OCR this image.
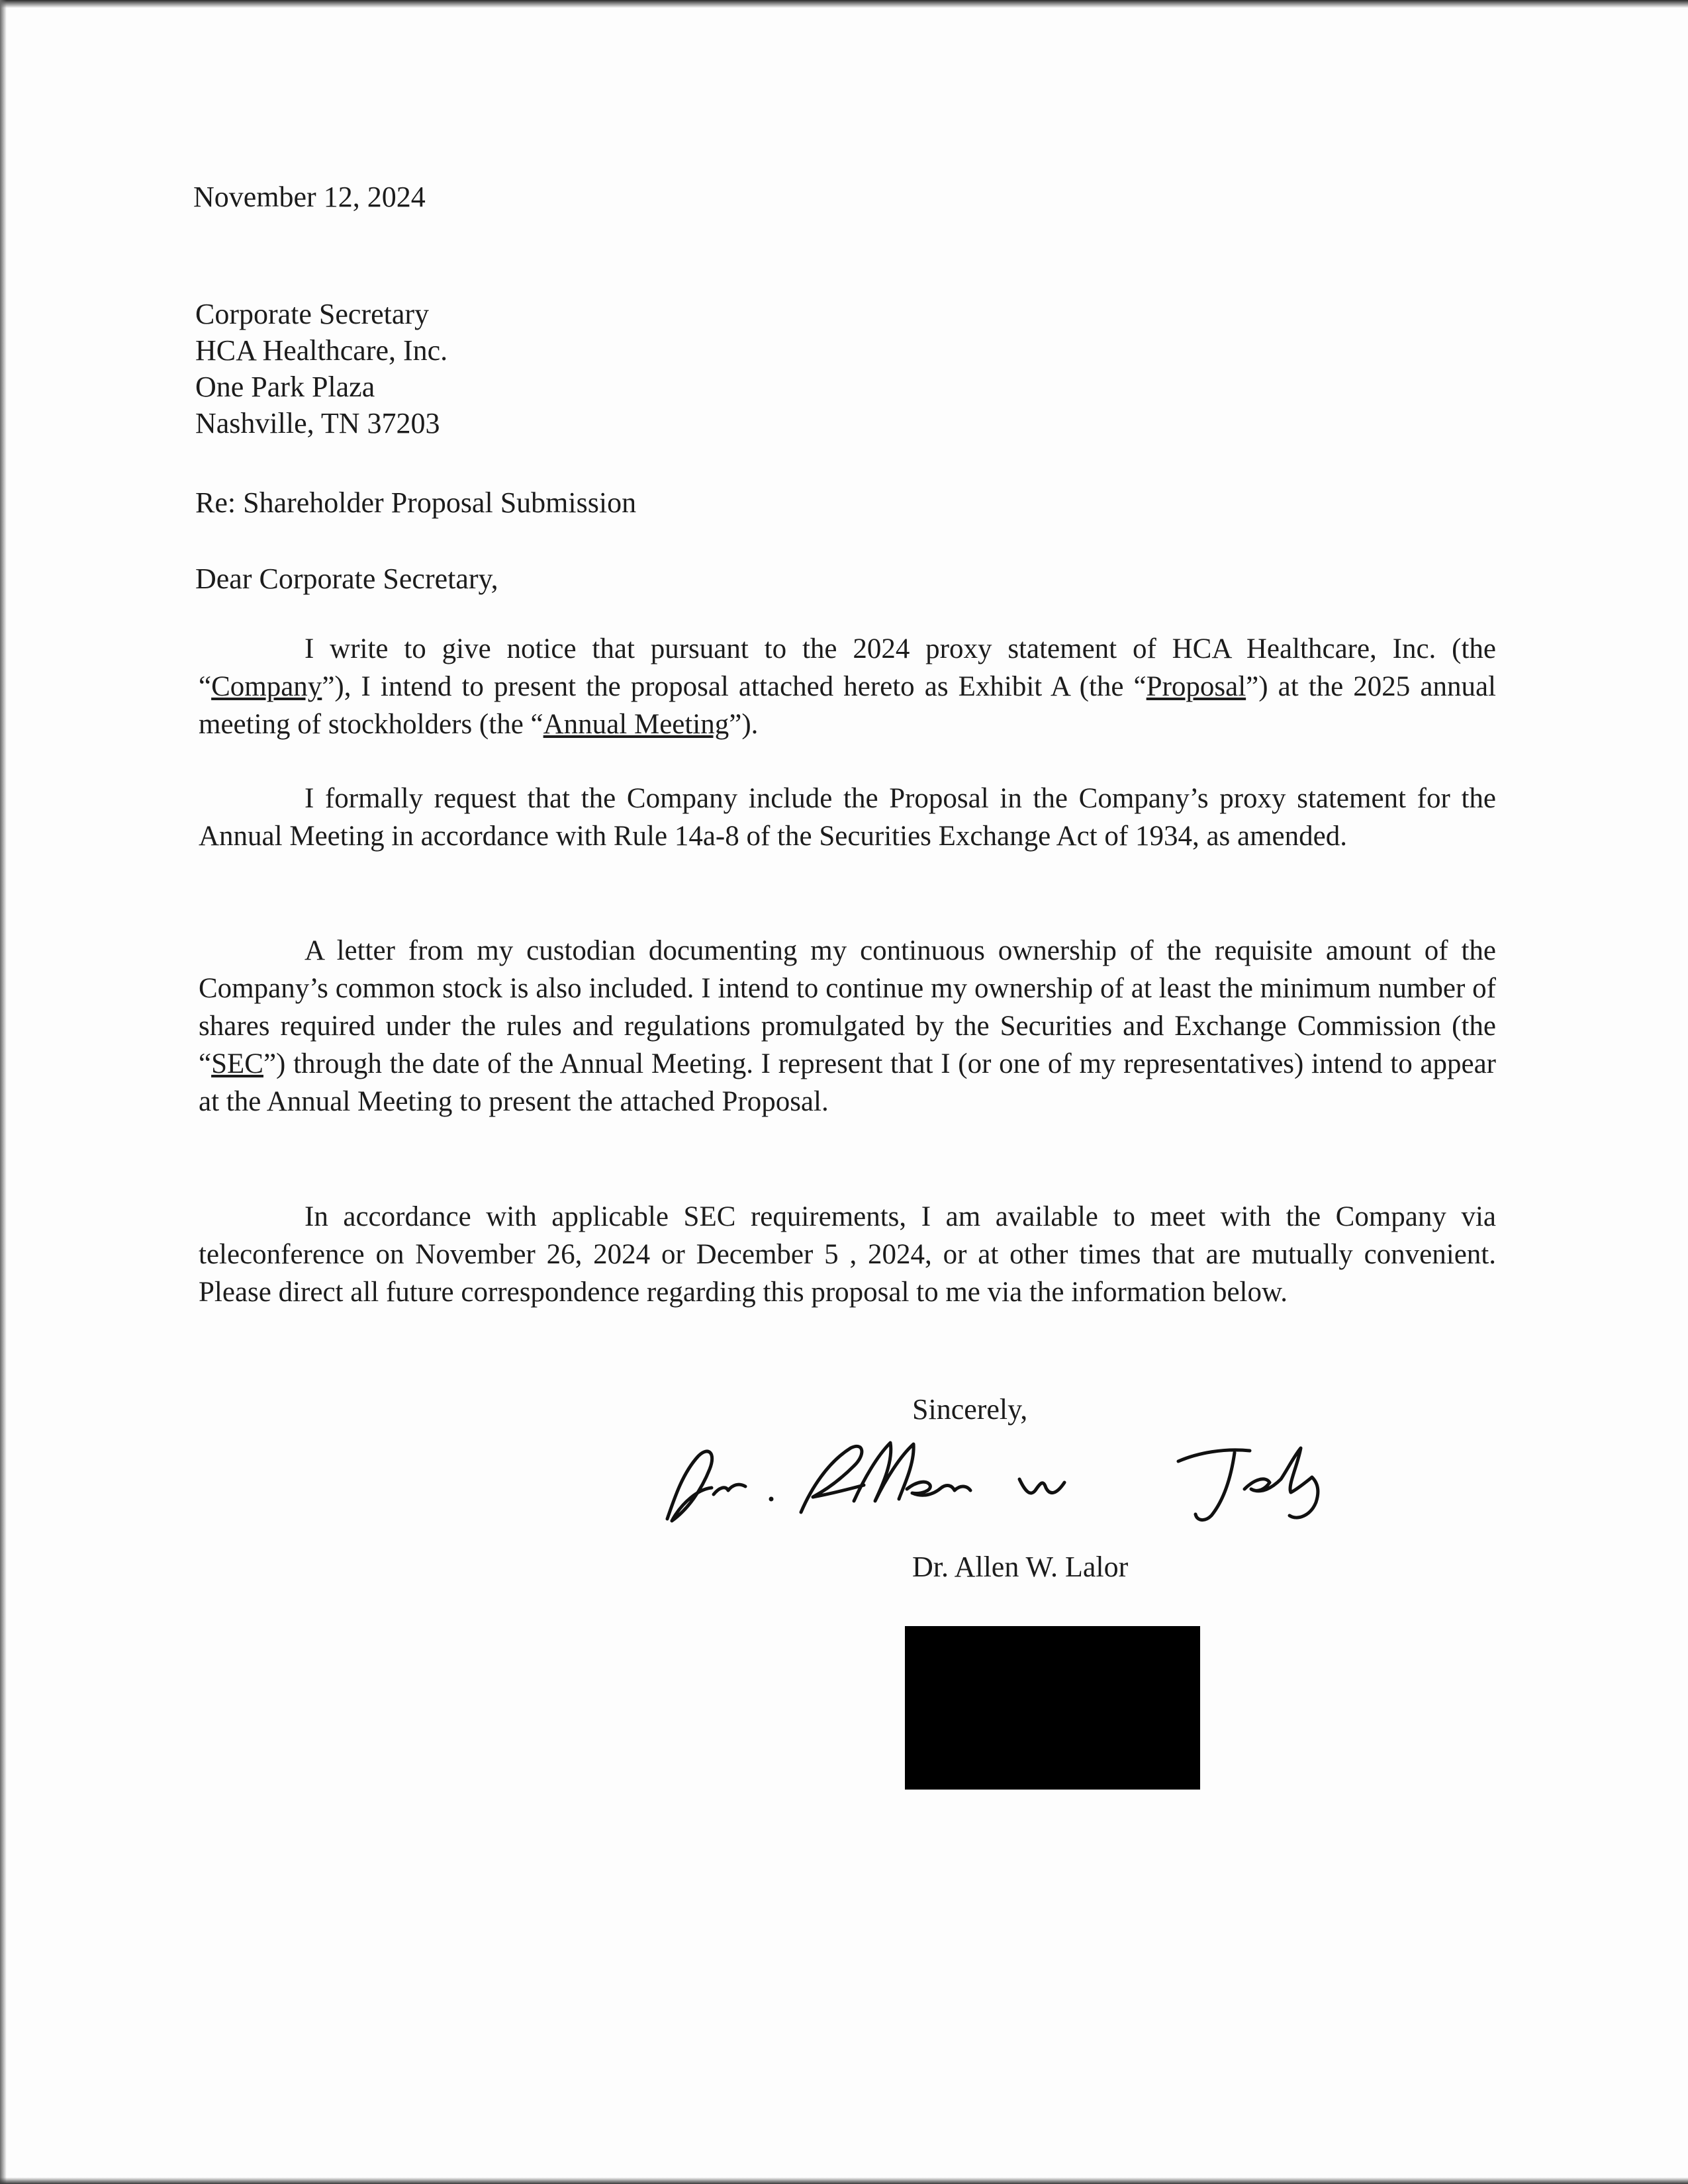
November 12, 2024
Corporate Secretary
HCA Healthcare, Inc.
One Park Plaza
Nashville, TN 37203
Re: Shareholder Proposal Submission
Dear Corporate Secretary,

I write to give notice that pursuant to the 2024 proxy statement of HCA Healthcare, Inc. (the “Company”), I intend to present the proposal attached hereto as Exhibit A (the “Proposal”) at the 2025 annual meeting of stockholders (the “Annual Meeting”).

I formally request that the Company include the Proposal in the Company’s proxy statement for the Annual Meeting in accordance with Rule 14a-8 of the Securities Exchange Act of 1934, as amended.

A letter from my custodian documenting my continuous ownership of the requisite amount of the Company’s common stock is also included. I intend to continue my ownership of at least the minimum number of shares required under the rules and regulations promulgated by the Securities and Exchange Commission (the “SEC”) through the date of the Annual Meeting. I represent that I (or one of my representatives) intend to appear at the Annual Meeting to present the attached Proposal.

In accordance with applicable SEC requirements, I am available to meet with the Company via teleconference on November 26, 2024 or December 5 , 2024, or at other times that are mutually convenient. Please direct all future correspondence regarding this proposal to me via the information below.

Sincerely,
Dr. Allen W. Lalor
